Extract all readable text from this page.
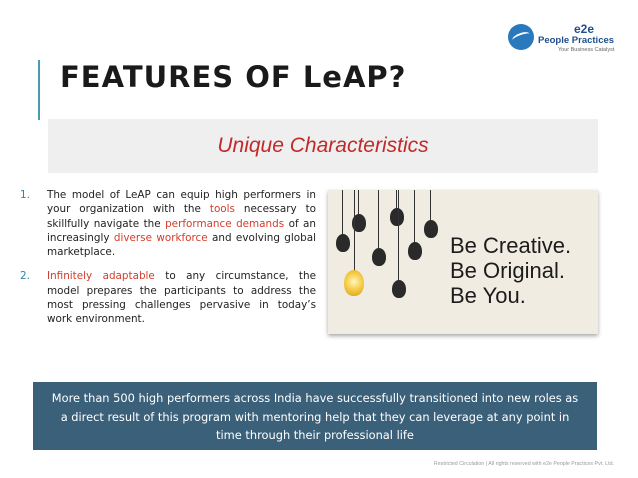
e2e
People Practices
Your Business Catalyst
FEATURES OF LeAP?
Unique Characteristics
1. The model of LeAP can equip high performers in your organization with the tools necessary to skillfully navigate the performance demands of an increasingly diverse workforce and evolving global marketplace.
2. Infinitely adaptable to any circumstance, the model prepares the participants to address the most pressing challenges pervasive in today’s work environment.
Be Creative.
Be Original.
Be You.
More than 500 high performers across India have successfully transitioned into new roles as a direct result of this program with mentoring help that they can leverage at any point in time through their professional life
Restricted Circulation | All rights reserved with e2e People Practices Pvt. Ltd.
